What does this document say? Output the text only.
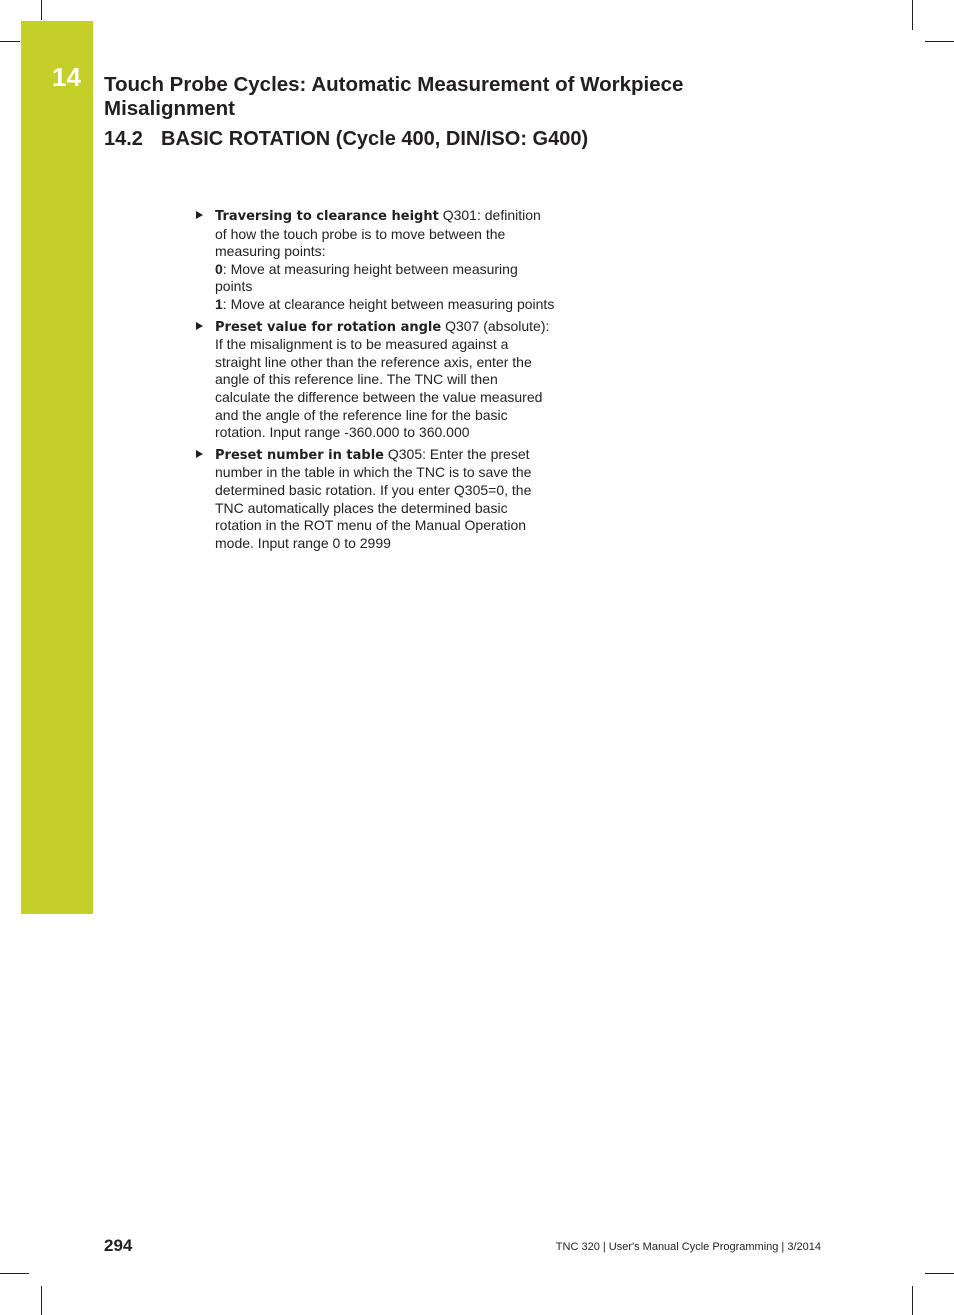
14 Touch Probe Cycles: Automatic Measurement of Workpiece Misalignment
14.2 BASIC ROTATION (Cycle 400, DIN/ISO: G400)
Traversing to clearance height Q301: definition of how the touch probe is to move between the measuring points:
0: Move at measuring height between measuring points
1: Move at clearance height between measuring points
Preset value for rotation angle Q307 (absolute): If the misalignment is to be measured against a straight line other than the reference axis, enter the angle of this reference line. The TNC will then calculate the difference between the value measured and the angle of the reference line for the basic rotation. Input range -360.000 to 360.000
Preset number in table Q305: Enter the preset number in the table in which the TNC is to save the determined basic rotation. If you enter Q305=0, the TNC automatically places the determined basic rotation in the ROT menu of the Manual Operation mode. Input range 0 to 2999
294	TNC 320 | User's Manual Cycle Programming | 3/2014
